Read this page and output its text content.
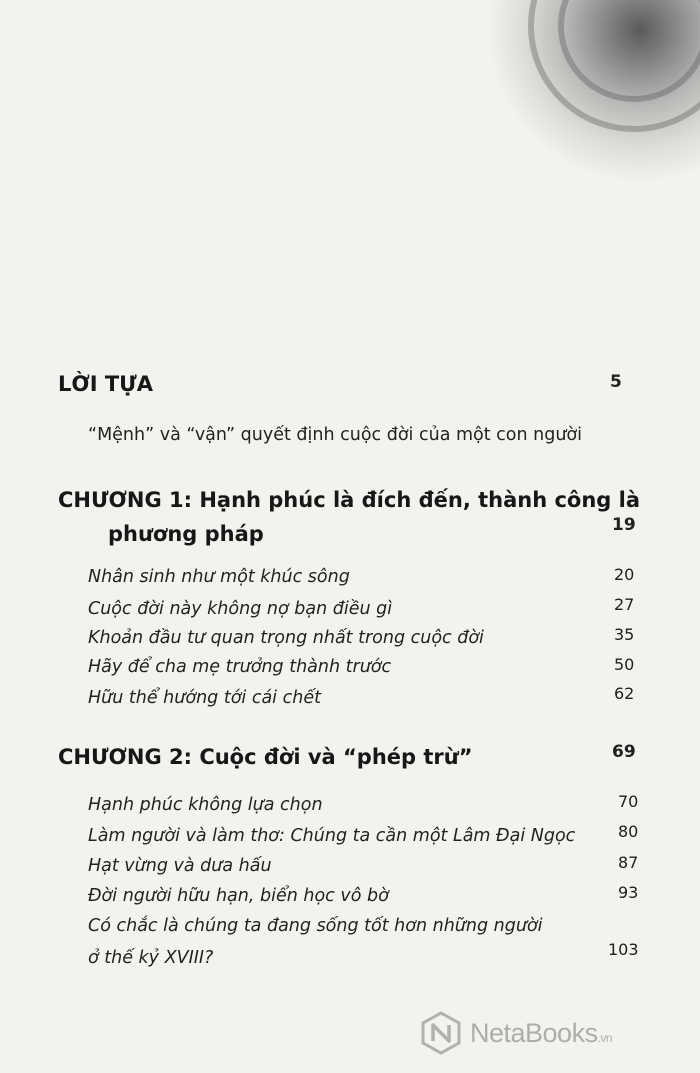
LỜI TỰA	5
“Mệnh” và “vận” quyết định cuộc đời của một con người
CHƯƠNG 1: Hạnh phúc là đích đến, thành công là
phương pháp	19
Nhân sinh như một khúc sông	20
Cuộc đời này không nợ bạn điều gì	27
Khoản đầu tư quan trọng nhất trong cuộc đời	35
Hãy để cha mẹ trưởng thành trước	50
Hữu thể hướng tới cái chết	62
CHƯƠNG 2: Cuộc đời và “phép trừ”	69
Hạnh phúc không lựa chọn	70
Làm người và làm thơ: Chúng ta cần một Lâm Đại Ngọc	80
Hạt vừng và dưa hấu	87
Đời người hữu hạn, biển học vô bờ	93
Có chắc là chúng ta đang sống tốt hơn những người
ở thế kỷ XVIII?	103
NetaBooks.vn
